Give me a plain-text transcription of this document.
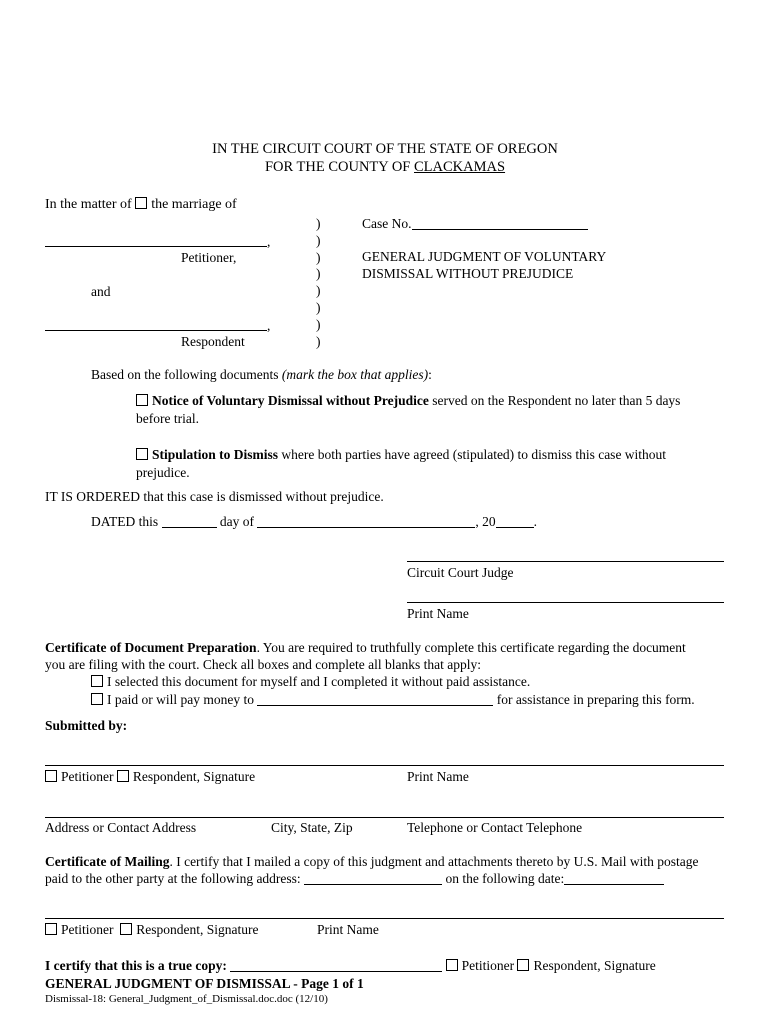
IN THE CIRCUIT COURT OF THE STATE OF OREGON
FOR THE COUNTY OF CLACKAMAS
In the matter of the marriage of
,
Petitioner,
and
,
Respondent
)
)
)
)
)
)
)
)
Case No.
GENERAL JUDGMENT OF VOLUNTARY
DISMISSAL WITHOUT PREJUDICE
Based on the following documents (mark the box that applies):
Notice of Voluntary Dismissal without Prejudice served on the Respondent no later than 5 days
before trial.
Stipulation to Dismiss where both parties have agreed (stipulated) to dismiss this case without
prejudice.
IT IS ORDERED that this case is dismissed without prejudice.
DATED this	day of	, 20	.
Circuit Court Judge
Print Name
Certificate of Document Preparation. You are required to truthfully complete this certificate regarding the document
you are filing with the court. Check all boxes and complete all blanks that apply:
I selected this document for myself and I completed it without paid assistance.
I paid or will pay money to	for assistance in preparing this form.
Submitted by:
Petitioner Respondent, Signature	Print Name
Address or Contact Address	City, State, Zip	Telephone or Contact Telephone
Certificate of Mailing. I certify that I mailed a copy of this judgment and attachments thereto by U.S. Mail with postage
paid to the other party at the following address:	on the following date:
Petitioner Respondent, Signature	Print Name
I certify that this is a true copy:	Petitioner Respondent, Signature
GENERAL JUDGMENT OF DISMISSAL - Page 1 of 1
Dismissal-18: General_Judgment_of_Dismissal.doc.doc (12/10)
